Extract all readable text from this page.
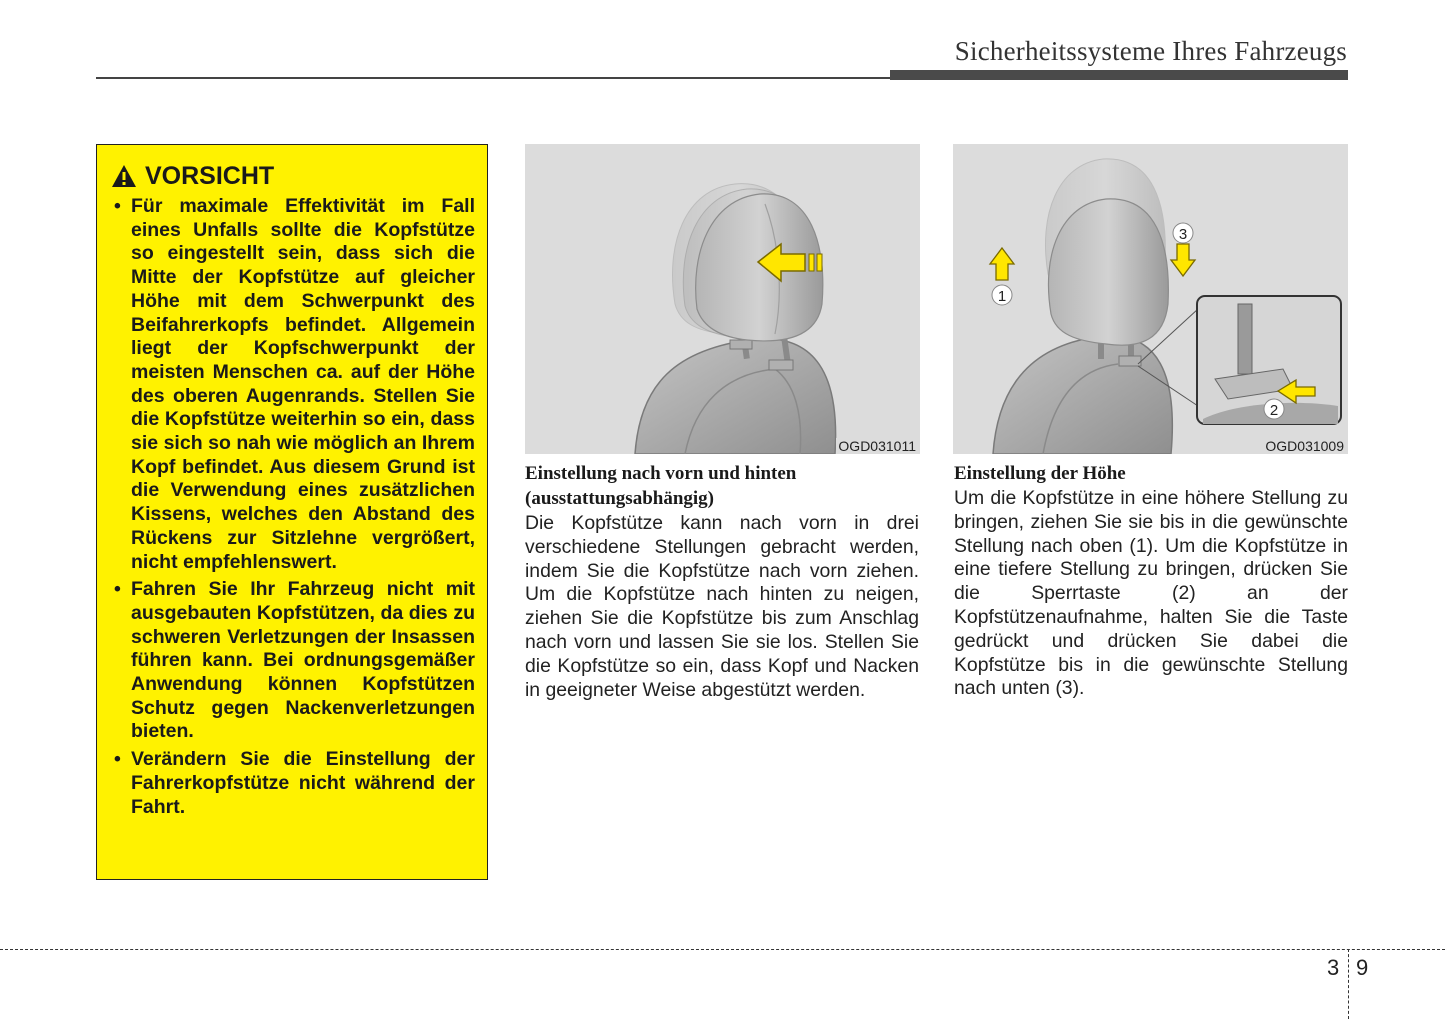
Sicherheitssysteme Ihres Fahrzeugs
VORSICHT
• Für maximale Effektivität im Fall eines Unfalls sollte die Kopfstütze so eingestellt sein, dass sich die Mitte der Kopfstütze auf gleicher Höhe mit dem Schwerpunkt des Beifahrerkopfs befindet. Allgemein liegt der Kopfschwerpunkt der meisten Menschen ca. auf der Höhe des oberen Augenrands. Stellen Sie die Kopfstütze weiterhin so ein, dass sie sich so nah wie möglich an Ihrem Kopf befindet. Aus diesem Grund ist die Verwendung eines zusätzlichen Kissens, welches den Abstand des Rückens zur Sitzlehne vergrößert, nicht empfehlenswert.
• Fahren Sie Ihr Fahrzeug nicht mit ausgebauten Kopfstützen, da dies zu schweren Verletzungen der Insassen führen kann. Bei ordnungsgemäßer Anwendung können Kopfstützen Schutz gegen Nackenverletzungen bieten.
• Verändern Sie die Einstellung der Fahrerkopfstütze nicht während der Fahrt.
OGD031011
1
2
3
OGD031009
Einstellung nach vorn und hinten
(ausstattungsabhängig)

Die Kopfstütze kann nach vorn in drei verschiedene Stellungen gebracht werden, indem Sie die Kopfstütze nach vorn ziehen. Um die Kopfstütze nach hinten zu neigen, ziehen Sie die Kopfstütze bis zum Anschlag nach vorn und lassen Sie sie los. Stellen Sie die Kopfstütze so ein, dass Kopf und Nacken in geeigneter Weise abgestützt werden.

Einstellung der Höhe

Um die Kopfstütze in eine höhere Stellung zu bringen, ziehen Sie sie bis in die gewünschte Stellung nach oben (1). Um die Kopfstütze in eine tiefere Stellung zu bringen, drücken Sie die Sperrtaste (2) an der Kopfstützenaufnahme, halten Sie die Taste gedrückt und drücken Sie dabei die Kopfstütze bis in die gewünschte Stellung nach unten (3).

3 9
